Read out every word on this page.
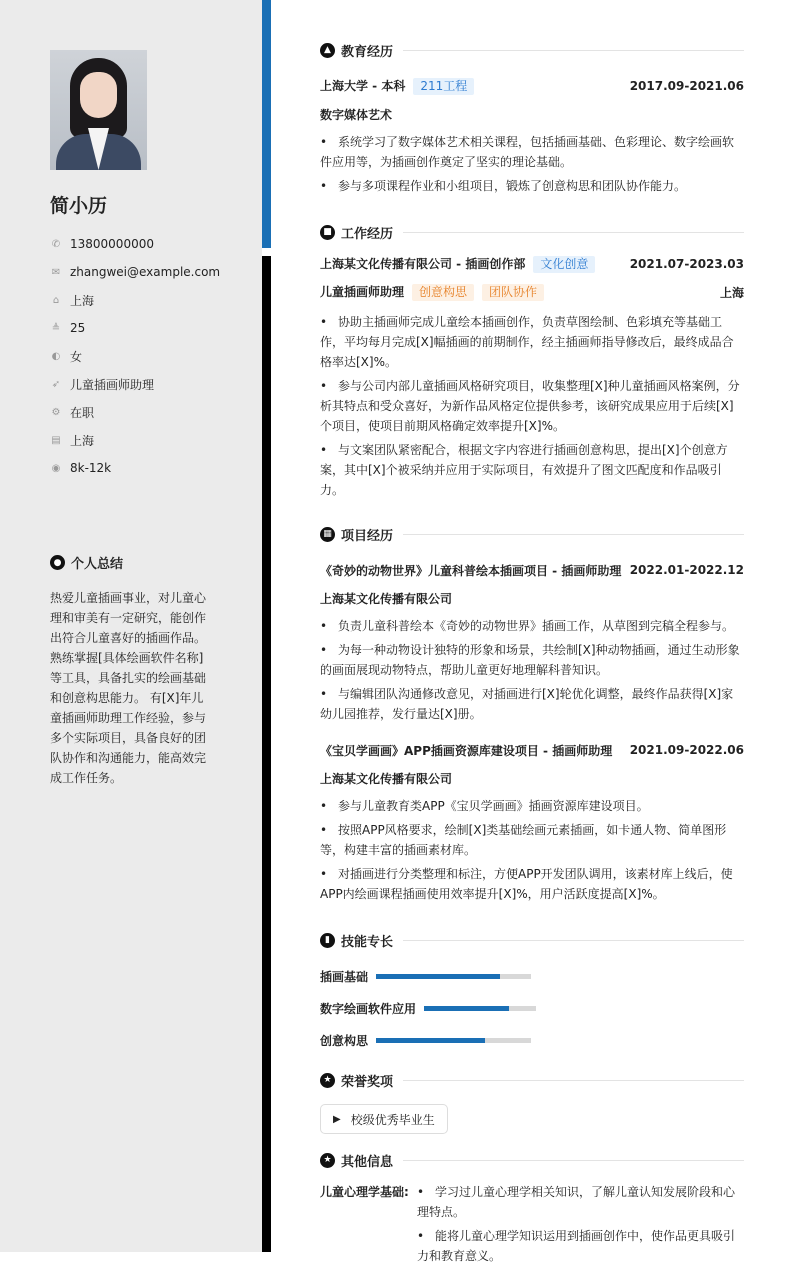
简小历
✆ 13800000000
✉ zhangwei@example.com
⌂ 上海
≜ 25
◐ 女
➶ 儿童插画师助理
⚙ 在职
▤ 上海
◉ 8k-12k
● 个人总结
热爱儿童插画事业，对儿童心理和审美有一定研究，能创作出符合儿童喜好的插画作品。熟练掌握[具体绘画软件名称]等工具，具备扎实的绘画基础和创意构思能力。 有[X]年儿童插画师助理工作经验，参与多个实际项目，具备良好的团队协作和沟通能力，能高效完成工作任务。
▲ 教育经历
上海大学 - 本科 211工程	2017.09-2021.06
数字媒体艺术
• 系统学习了数字媒体艺术相关课程，包括插画基础、色彩理论、数字绘画软件应用等，为插画创作奠定了坚实的理论基础。
• 参与多项课程作业和小组项目，锻炼了创意构思和团队协作能力。
■ 工作经历
上海某文化传播有限公司 - 插画创作部 文化创意	2021.07-2023.03
儿童插画师助理 创意构思 团队协作	上海
• 协助主插画师完成儿童绘本插画创作，负责草图绘制、色彩填充等基础工作，平均每月完成[X]幅插画的前期制作，经主插画师指导修改后，最终成品合格率达[X]%。
• 参与公司内部儿童插画风格研究项目，收集整理[X]种儿童插画风格案例，分析其特点和受众喜好，为新作品风格定位提供参考，该研究成果应用于后续[X]个项目，使项目前期风格确定效率提升[X]%。
• 与文案团队紧密配合，根据文字内容进行插画创意构思，提出[X]个创意方案，其中[X]个被采纳并应用于实际项目，有效提升了图文匹配度和作品吸引力。
▦ 项目经历
《奇妙的动物世界》儿童科普绘本插画项目 - 插画师助理 2022.01-2022.12
上海某文化传播有限公司
• 负责儿童科普绘本《奇妙的动物世界》插画工作，从草图到完稿全程参与。
• 为每一种动物设计独特的形象和场景，共绘制[X]种动物插画，通过生动形象的画面展现动物特点，帮助儿童更好地理解科普知识。
• 与编辑团队沟通修改意见，对插画进行[X]轮优化调整，最终作品获得[X]家幼儿园推荐，发行量达[X]册。
《宝贝学画画》APP插画资源库建设项目 - 插画师助理 2021.09-2022.06
上海某文化传播有限公司
• 参与儿童教育类APP《宝贝学画画》插画资源库建设项目。
• 按照APP风格要求，绘制[X]类基础绘画元素插画，如卡通人物、简单图形等，构建丰富的插画素材库。
• 对插画进行分类整理和标注，方便APP开发团队调用，该素材库上线后，使APP内绘画课程插画使用效率提升[X]%，用户活跃度提高[X]%。
▮ 技能专长
插画基础
数字绘画软件应用
创意构思
★ 荣誉奖项
▶ 校级优秀毕业生
★ 其他信息
儿童心理学基础: • 学习过儿童心理学相关知识，了解儿童认知发展阶段和心理特点。
• 能将儿童心理学知识运用到插画创作中，使作品更具吸引力和教育意义。
